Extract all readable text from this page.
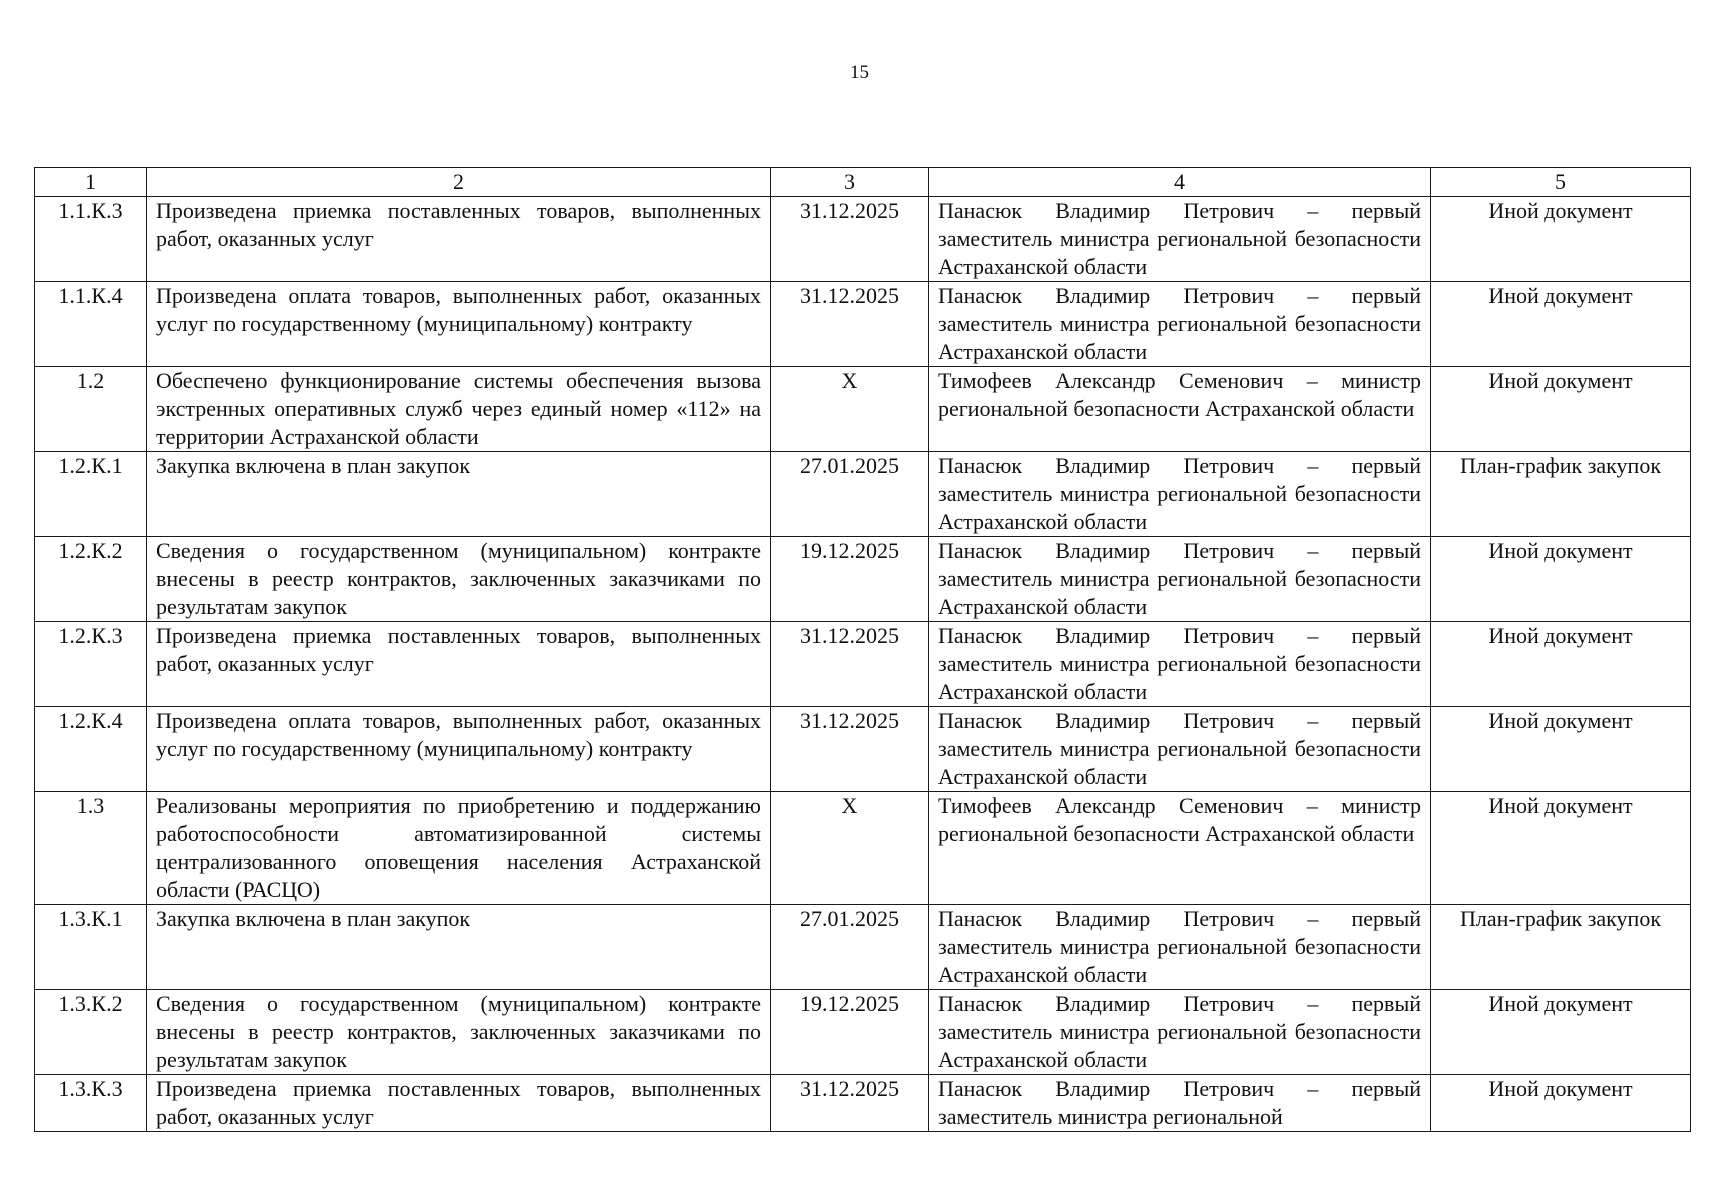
15
1	2	3	4	5
1.1.К.3	Произведена приемка поставленных товаров, выполненных работ, оказанных услуг	31.12.2025	Панасюк Владимир Петрович – первый заместитель министра региональной безопасности Астраханской области	Иной документ
1.1.К.4	Произведена оплата товаров, выполненных работ, оказанных услуг по государственному (муниципальному) контракту	31.12.2025	Панасюк Владимир Петрович – первый заместитель министра региональной безопасности Астраханской области	Иной документ
1.2	Обеспечено функционирование системы обеспечения вызова экстренных оперативных служб через единый номер «112» на территории Астраханской области	X	Тимофеев Александр Семенович – министр региональной безопасности Астраханской области	Иной документ
1.2.К.1	Закупка включена в план закупок	27.01.2025	Панасюк Владимир Петрович – первый заместитель министра региональной безопасности Астраханской области	План-график закупок
1.2.К.2	Сведения о государственном (муниципальном) контракте внесены в реестр контрактов, заключенных заказчиками по результатам закупок	19.12.2025	Панасюк Владимир Петрович – первый заместитель министра региональной безопасности Астраханской области	Иной документ
1.2.К.3	Произведена приемка поставленных товаров, выполненных работ, оказанных услуг	31.12.2025	Панасюк Владимир Петрович – первый заместитель министра региональной безопасности Астраханской области	Иной документ
1.2.К.4	Произведена оплата товаров, выполненных работ, оказанных услуг по государственному (муниципальному) контракту	31.12.2025	Панасюк Владимир Петрович – первый заместитель министра региональной безопасности Астраханской области	Иной документ
1.3	Реализованы мероприятия по приобретению и поддержанию работоспособности автоматизированной системы централизованного оповещения населения Астраханской области (РАСЦО)	X	Тимофеев Александр Семенович – министр региональной безопасности Астраханской области	Иной документ
1.3.К.1	Закупка включена в план закупок	27.01.2025	Панасюк Владимир Петрович – первый заместитель министра региональной безопасности Астраханской области	План-график закупок
1.3.К.2	Сведения о государственном (муниципальном) контракте внесены в реестр контрактов, заключенных заказчиками по результатам закупок	19.12.2025	Панасюк Владимир Петрович – первый заместитель министра региональной безопасности Астраханской области	Иной документ
1.3.К.3	Произведена приемка поставленных товаров, выполненных работ, оказанных услуг	31.12.2025	Панасюк Владимир Петрович – первый заместитель министра региональной	Иной документ
